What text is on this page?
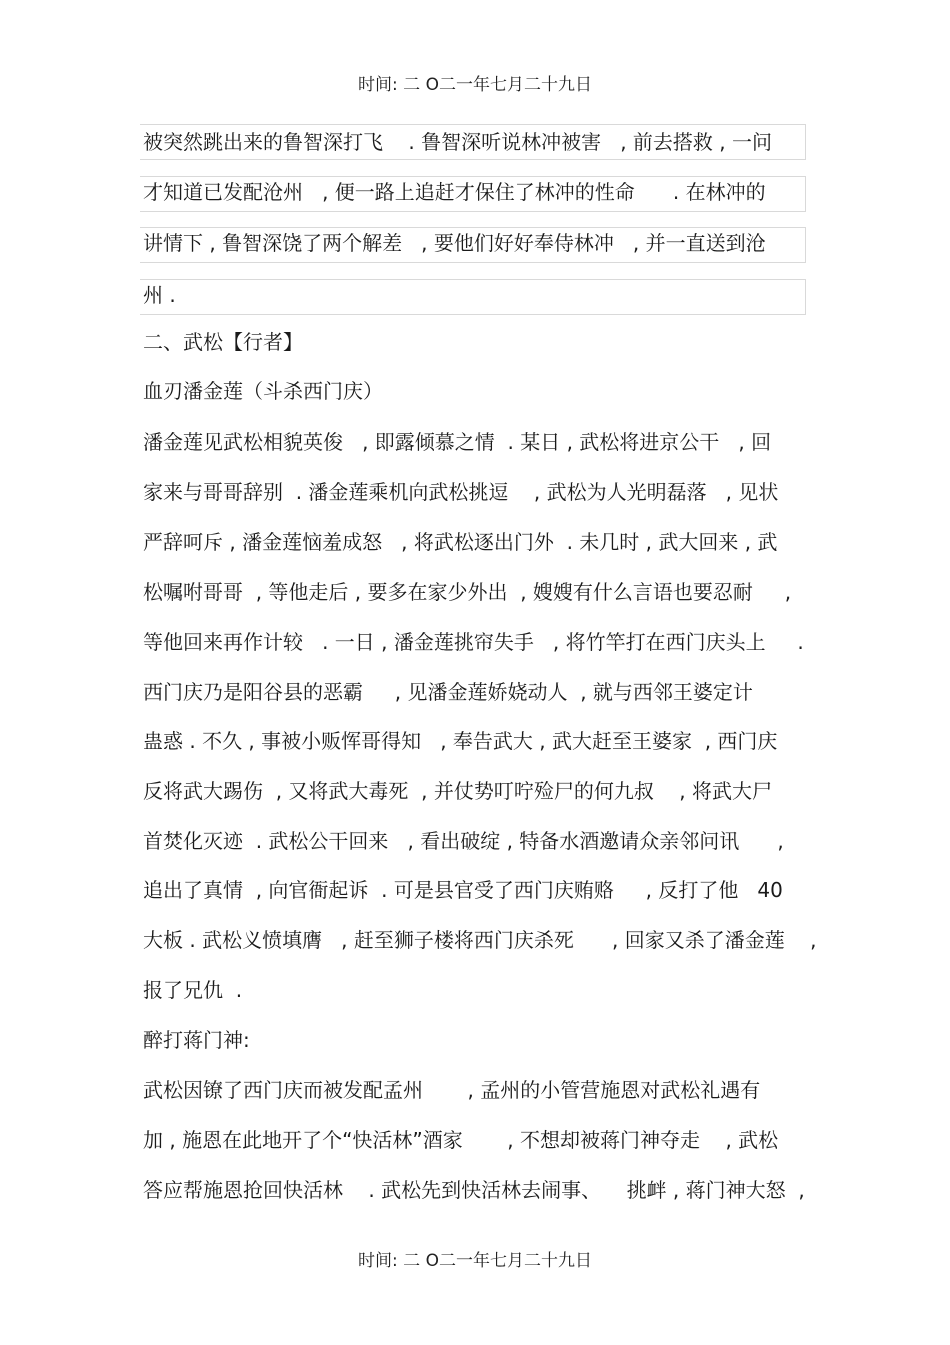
时间: 二 O二一年七月二十九日
被突然跳出来的鲁智深打飞    . 鲁智深听说林冲被害   , 前去搭救 , 一问
才知道已发配沧州   , 便一路上追赶才保住了林冲的性命      . 在林冲的
讲情下 , 鲁智深饶了两个解差   , 要他们好好奉侍林冲   , 并一直送到沧
州 .
二、武松【行者】
血刃潘金莲（斗杀西门庆）
潘金莲见武松相貌英俊   , 即露倾慕之情  . 某日 , 武松将进京公干   , 回
家来与哥哥辞别  . 潘金莲乘机向武松挑逗    , 武松为人光明磊落   , 见状
严辞呵斥 , 潘金莲恼羞成怒   , 将武松逐出门外  . 未几时 , 武大回来 , 武
松嘱咐哥哥  , 等他走后 , 要多在家少外出  , 嫂嫂有什么言语也要忍耐     ,
等他回来再作计较   . 一日 , 潘金莲挑帘失手   , 将竹竿打在西门庆头上     .
西门庆乃是阳谷县的恶霸     , 见潘金莲娇娆动人  , 就与西邻王婆定计
蛊惑 . 不久 , 事被小贩恽哥得知   , 奉告武大 , 武大赶至王婆家  , 西门庆
反将武大踢伤  , 又将武大毒死  , 并仗势叮咛殓尸的何九叔    , 将武大尸
首焚化灭迹  . 武松公干回来   , 看出破绽 , 特备水酒邀请众亲邻问讯      ,
追出了真情  , 向官衙起诉  . 可是县官受了西门庆贿赂     , 反打了他   40
大板 . 武松义愤填膺   , 赶至狮子楼将西门庆杀死      , 回家又杀了潘金莲    ,
报了兄仇  .
醉打蒋门神:
武松因镣了西门庆而被发配孟州       , 孟州的小管营施恩对武松礼遇有
加 , 施恩在此地开了个“快活林”酒家       , 不想却被蒋门神夺走    , 武松
答应帮施恩抢回快活林    . 武松先到快活林去闹事、    挑衅 , 蒋门神大怒  ,
时间: 二 O二一年七月二十九日
